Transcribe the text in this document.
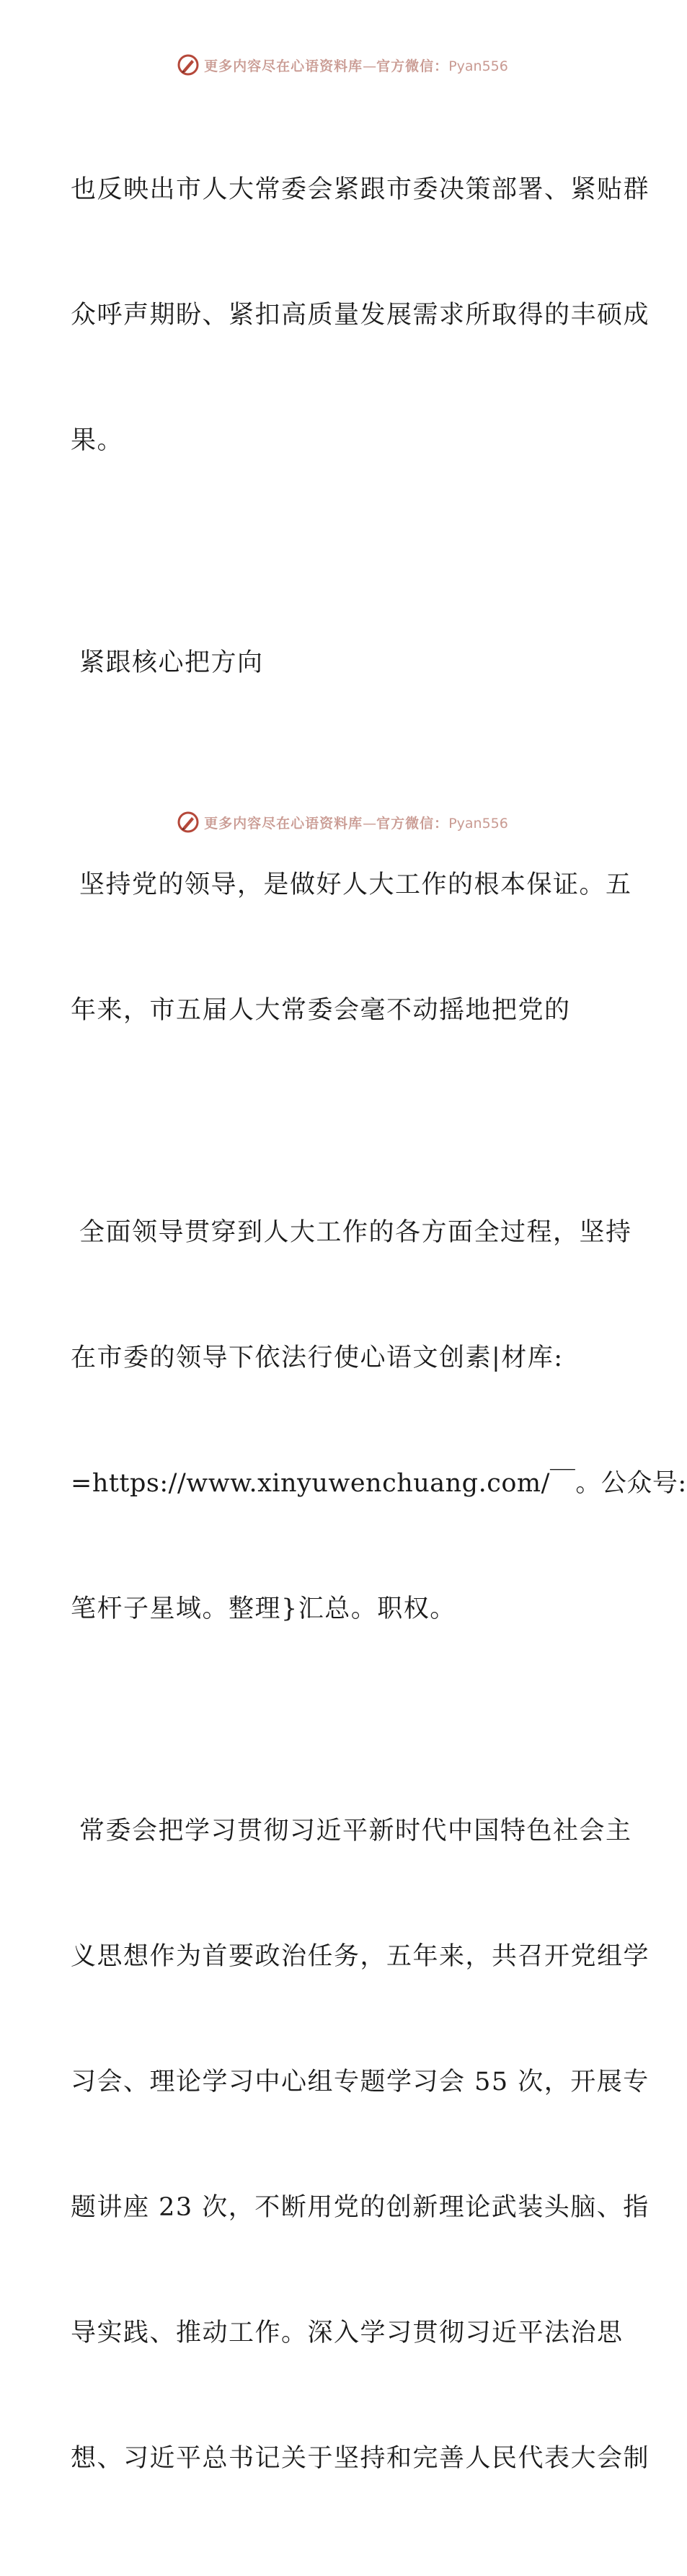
更多内容尽在心语资料库—官方微信：Pyan556

也反映出市人大常委会紧跟市委决策部署、紧贴群

众呼声期盼、紧扣高质量发展需求所取得的丰硕成

果。

紧跟核心把方向

坚持党的领导，是做好人大工作的根本保证。五

年来，市五届人大常委会毫不动摇地把党的

全面领导贯穿到人大工作的各方面全过程，坚持

在市委的领导下依法行使心语文创素|材库:

=https://www.xinyuwenchuang.com/￣。公众号:

笔杆子星域。整理}汇总。职权。

常委会把学习贯彻习近平新时代中国特色社会主

义思想作为首要政治任务，五年来，共召开党组学

习会、理论学习中心组专题学习会 55 次，开展专

题讲座 23 次，不断用党的创新理论武装头脑、指

导实践、推动工作。深入学习贯彻习近平法治思

想、习近平总书记关于坚持和完善人民代表大会制

更多内容尽在心语资料库—官方微信：Pyan556
